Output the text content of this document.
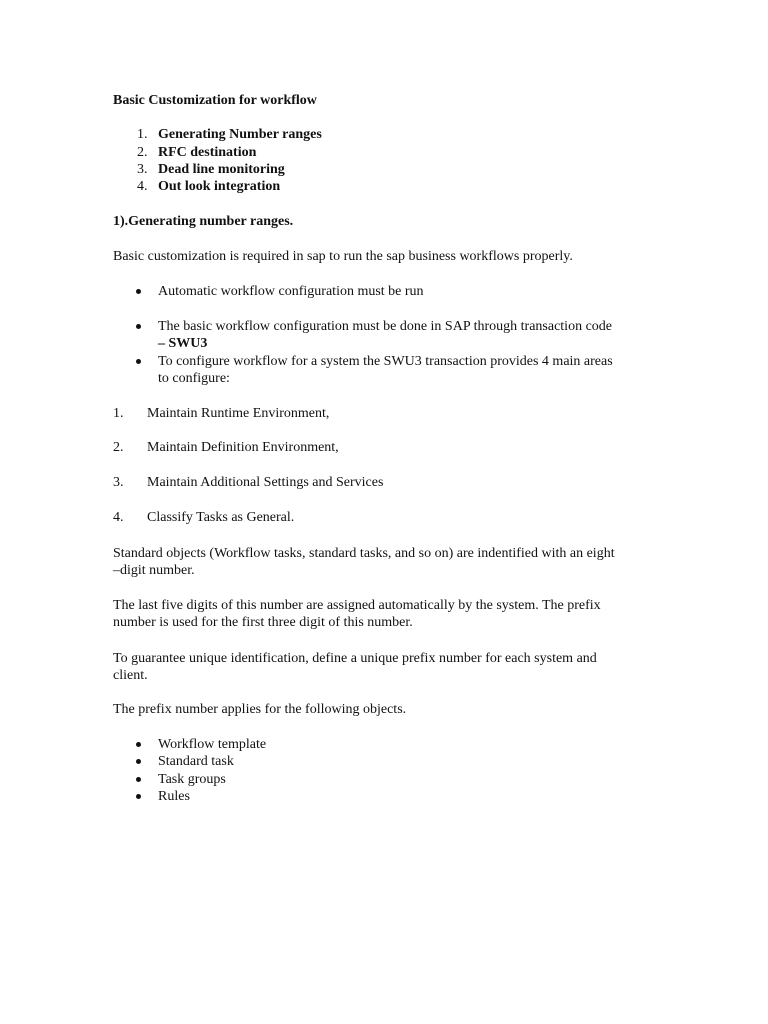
Basic Customization for workflow
1. Generating Number ranges
2. RFC destination
3. Dead line monitoring
4. Out look integration
1).Generating number ranges.
Basic customization is required in sap to run the sap business workflows properly.
Automatic workflow configuration must be run
The basic workflow configuration must be done in SAP through transaction code
– SWU3
To configure workflow for a system the SWU3 transaction provides 4 main areas
to configure:
1. Maintain Runtime Environment,
2. Maintain Definition Environment,
3. Maintain Additional Settings and Services
4. Classify Tasks as General.
Standard objects (Workflow tasks, standard tasks, and so on) are indentified with an eight
–digit number.
The last five digits of this number are assigned automatically by the system. The prefix
number is used for the first three digit of this number.
To guarantee unique identification, define a unique prefix number for each system and
client.
The prefix number applies for the following objects.
Workflow template
Standard task
Task groups
Rules
